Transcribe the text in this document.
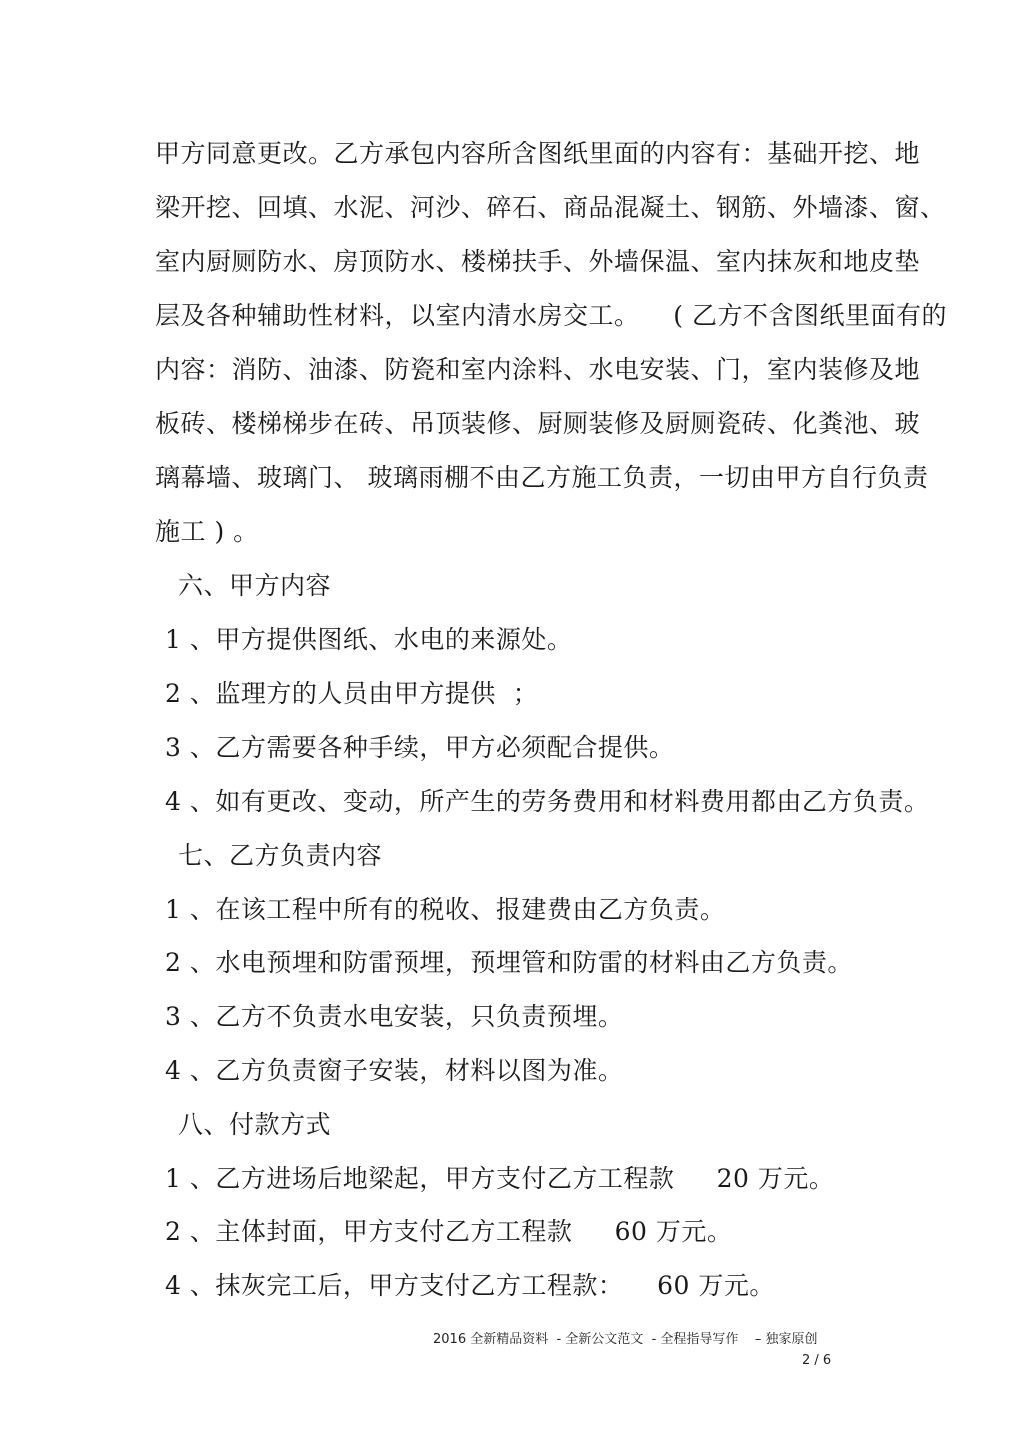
甲方同意更改。乙方承包内容所含图纸里面的内容有：基础开挖、地
梁开挖、回填、水泥、河沙、碎石、商品混凝土、钢筋、外墙漆、窗、
室内厨厕防水、房顶防水、楼梯扶手、外墙保温、室内抹灰和地皮垫
层及各种辅助性材料，以室内清水房交工。    ( 乙方不含图纸里面有的
内容：消防、油漆、防瓷和室内涂料、水电安装、门，室内装修及地
板砖、楼梯梯步在砖、吊顶装修、厨厕装修及厨厕瓷砖、化粪池、玻
璃幕墙、玻璃门、 玻璃雨棚不由乙方施工负责，一切由甲方自行负责
施工 ) 。
六、甲方内容
1 、甲方提供图纸、水电的来源处。
2 、监理方的人员由甲方提供  ；
3 、乙方需要各种手续，甲方必须配合提供。
4 、如有更改、变动，所产生的劳务费用和材料费用都由乙方负责。
七、乙方负责内容
1 、在该工程中所有的税收、报建费由乙方负责。
2 、水电预埋和防雷预埋，预埋管和防雷的材料由乙方负责。
3 、乙方不负责水电安装，只负责预埋。
4 、乙方负责窗子安装，材料以图为准。
八、付款方式
1 、乙方进场后地梁起，甲方支付乙方工程款     20 万元。
2 、主体封面，甲方支付乙方工程款     60 万元。
4 、抹灰完工后，甲方支付乙方工程款：    60 万元。
2016 全新精品资料  - 全新公文范文  - 全程指导写作    – 独家原创
2 / 6
